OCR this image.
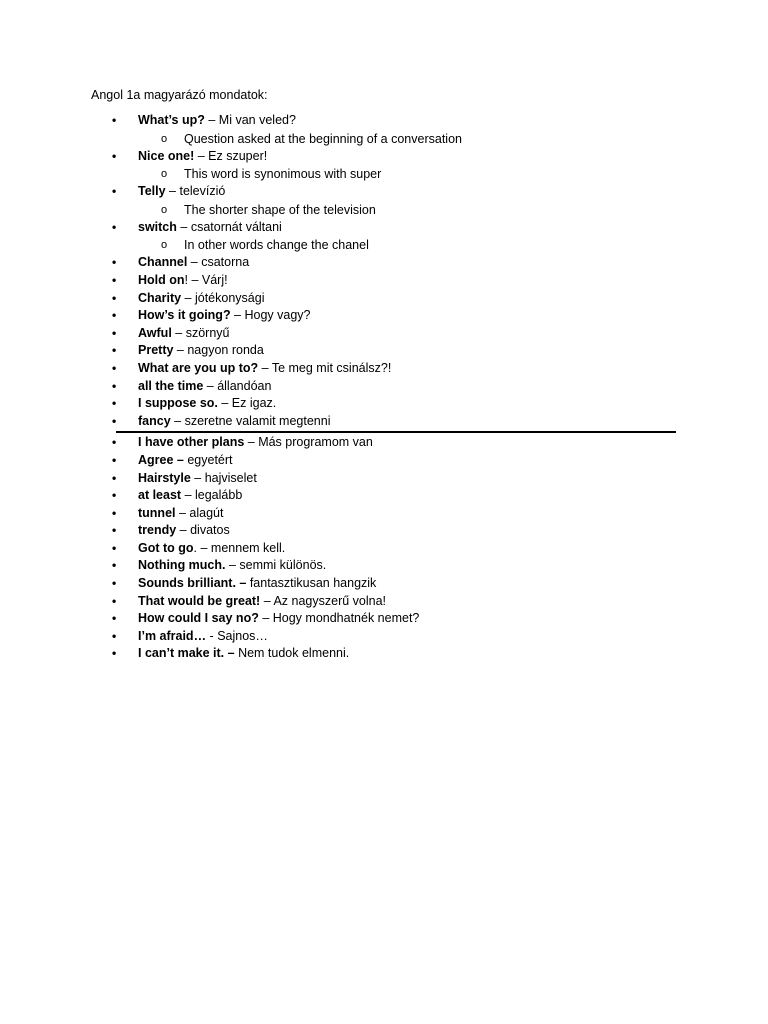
Angol 1a magyarázó mondatok:
• What’s up? – Mi van veled?
o Question asked at the beginning of a conversation
• Nice one! – Ez szuper!
o This word is synonimous with super
• Telly – televízió
o The shorter shape of the television
• switch – csatornát váltani
o In other words change the chanel
• Channel – csatorna
• Hold on! – Várj!
• Charity – jótékonysági
• How’s it going? – Hogy vagy?
• Awful – szörnyű
• Pretty – nagyon ronda
• What are you up to? – Te meg mit csinálsz?!
• all the time – állandóan
• I suppose so. – Ez igaz.
• fancy – szeretne valamit megtenni
• I have other plans – Más programom van
• Agree – egyetért
• Hairstyle – hajviselet
• at least – legalább
• tunnel – alagút
• trendy – divatos
• Got to go. – mennem kell.
• Nothing much. – semmi különös.
• Sounds brilliant. – fantasztikusan hangzik
• That would be great! – Az nagyszerű volna!
• How could I say no? – Hogy mondhatnék nemet?
• I’m afraid… - Sajnos…
• I can’t make it. – Nem tudok elmenni.
